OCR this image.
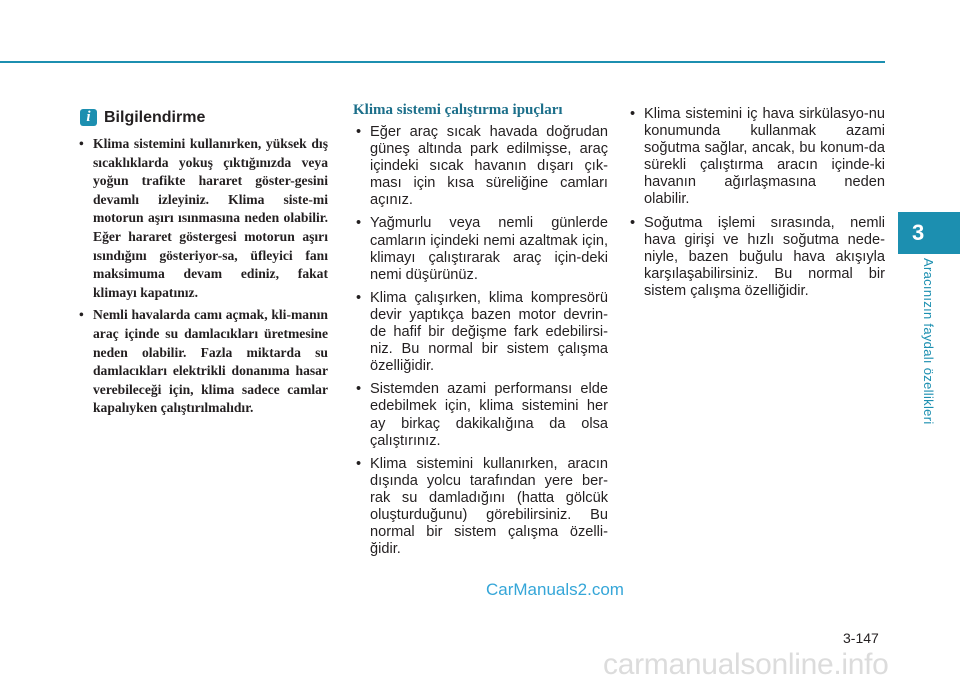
i Bilgilendirme
• Klima sistemini kullanırken, yüksek dış sıcaklıklarda yokuş çıktığınızda veya yoğun trafikte hararet göster-gesini devamlı izleyiniz. Klima siste-mi motorun aşırı ısınmasına neden olabilir. Eğer hararet göstergesi motorun aşırı ısındığını gösteriyor-sa, üfleyici fanı maksimuma devam ediniz, fakat klimayı kapatınız.
• Nemli havalarda camı açmak, kli-manın araç içinde su damlacıkları üretmesine neden olabilir. Fazla miktarda su damlacıkları elektrikli donanıma hasar verebileceği için, klima sadece camlar kapalıyken çalıştırılmalıdır.
Klima sistemi çalıştırma ipuçları
• Eğer araç sıcak havada doğrudan güneş altında park edilmişse, araç içindeki sıcak havanın dışarı çık-ması için kısa süreliğine camları açınız.
• Yağmurlu veya nemli günlerde camların içindeki nemi azaltmak için, klimayı çalıştırarak araç için-deki nemi düşürünüz.
• Klima çalışırken, klima kompresörü devir yaptıkça bazen motor devrin-de hafif bir değişme fark edebilirsi-niz. Bu normal bir sistem çalışma özelliğidir.
• Sistemden azami performansı elde edebilmek için, klima sistemini her ay birkaç dakikalığına da olsa çalıştırınız.
• Klima sistemini kullanırken, aracın dışında yolcu tarafından yere ber-rak su damladığını (hatta gölcük oluşturduğunu) görebilirsiniz. Bu normal bir sistem çalışma özelli-ğidir.
• Klima sistemini iç hava sirkülasyo-nu konumunda kullanmak azami soğutma sağlar, ancak, bu konum-da sürekli çalıştırma aracın içinde-ki havanın ağırlaşmasına neden olabilir.
• Soğutma işlemi sırasında, nemli hava girişi ve hızlı soğutma nede-niyle, bazen buğulu hava akışıyla karşılaşabilirsiniz. Bu normal bir sistem çalışma özelliğidir.
3
Aracınızın faydalı özellikleri
CarManuals2.com
3-147
carmanualsonline.info
